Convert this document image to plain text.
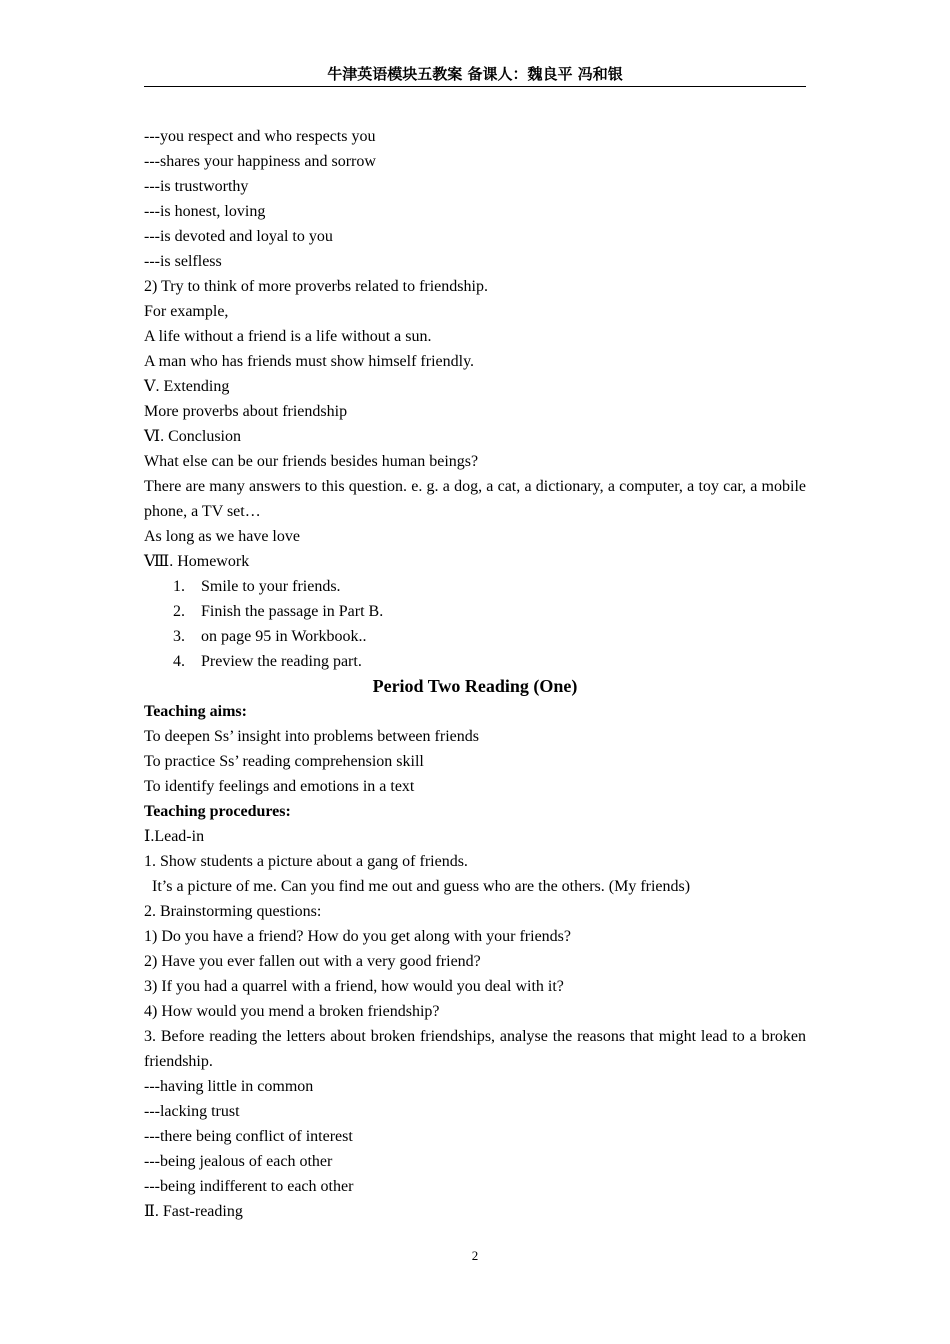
牛津英语模块五教案 备课人：魏良平 冯和银
---you respect and who respects you
---shares your happiness and sorrow
---is trustworthy
---is honest, loving
---is devoted and loyal to you
---is selfless
2) Try to think of more proverbs related to friendship.
For example,
A life without a friend is a life without a sun.
A man who has friends must show himself friendly.
Ⅴ. Extending
More proverbs about friendship
Ⅵ. Conclusion
What else can be our friends besides human beings?
There are many answers to this question. e. g. a dog, a cat, a dictionary, a computer, a toy car, a mobile phone, a TV set…
As long as we have love
Ⅷ. Homework
1. Smile to your friends.
2. Finish the passage in Part B.
3. on page 95 in Workbook..
4. Preview the reading part.
Period Two Reading (One)
Teaching aims:
To deepen Ss’ insight into problems between friends
To practice Ss’ reading comprehension skill
To identify feelings and emotions in a text
Teaching procedures:
Ⅰ.Lead-in
1. Show students a picture about a gang of friends.
It’s a picture of me. Can you find me out and guess who are the others. (My friends)
2. Brainstorming questions:
1) Do you have a friend? How do you get along with your friends?
2) Have you ever fallen out with a very good friend?
3) If you had a quarrel with a friend, how would you deal with it?
4) How would you mend a broken friendship?
3. Before reading the letters about broken friendships, analyse the reasons that might lead to a broken friendship.
---having little in common
---lacking trust
---there being conflict of interest
---being jealous of each other
---being indifferent to each other
Ⅱ. Fast-reading
2
